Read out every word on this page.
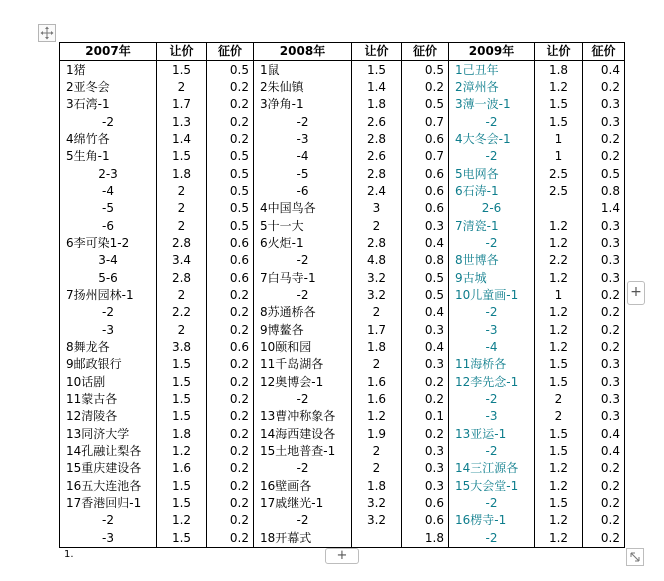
2007年	让价	征价	2008年	让价	征价	2009年	让价	征价
1猪	1.5	0.5	1鼠	1.5	0.5	1己丑年	1.8	0.4
2亚冬会	2	0.2	2朱仙镇	1.4	0.2	2漳州各	1.2	0.2
3石湾-1	1.7	0.2	3净角-1	1.8	0.5	3薄一波-1	1.5	0.3
-2	1.3	0.2	-2	2.6	0.7	-2	1.5	0.3
4绵竹各	1.4	0.2	-3	2.8	0.6	4大冬会-1	1	0.2
5生角-1	1.5	0.5	-4	2.6	0.7	-2	1	0.2
2-3	1.8	0.5	-5	2.8	0.6	5电网各	2.5	0.5
-4	2	0.5	-6	2.4	0.6	6石涛-1	2.5	0.8
-5	2	0.5	4中国鸟各	3	0.6	2-6		1.4
-6	2	0.5	5十一大	2	0.3	7清瓷-1	1.2	0.3
6李可染1-2	2.8	0.6	6火炬-1	2.8	0.4	-2	1.2	0.3
3-4	3.4	0.6	-2	4.8	0.8	8世博各	2.2	0.3
5-6	2.8	0.6	7白马寺-1	3.2	0.5	9古城	1.2	0.3
7扬州园林-1	2	0.2	-2	3.2	0.5	10儿童画-1	1	0.2
-2	2.2	0.2	8苏通桥各	2	0.4	-2	1.2	0.2
-3	2	0.2	9博鳌各	1.7	0.3	-3	1.2	0.2
8舞龙各	3.8	0.6	10颐和园	1.8	0.4	-4	1.2	0.2
9邮政银行	1.5	0.2	11千岛湖各	2	0.3	11海桥各	1.5	0.3
10话剧	1.5	0.2	12奥博会-1	1.6	0.2	12李先念-1	1.5	0.3
11蒙古各	1.5	0.2	-2	1.6	0.2	-2	2	0.3
12清陵各	1.5	0.2	13曹冲称象各	1.2	0.1	-3	2	0.3
13同济大学	1.8	0.2	14海西建设各	1.9	0.2	13亚运-1	1.5	0.4
14孔融让梨各	1.2	0.2	15土地普查-1	2	0.3	-2	1.5	0.4
15重庆建设各	1.6	0.2	-2	2	0.3	14三江源各	1.2	0.2
16五大连池各	1.5	0.2	16壁画各	1.8	0.3	15大会堂-1	1.2	0.2
17香港回归-1	1.5	0.2	17戚继光-1	3.2	0.6	-2	1.5	0.2
-2	1.2	0.2	-2	3.2	0.6	16楞寺-1	1.2	0.2
-3	1.5	0.2	18开幕式		1.8	-2	1.2	0.2
+
+
1.
